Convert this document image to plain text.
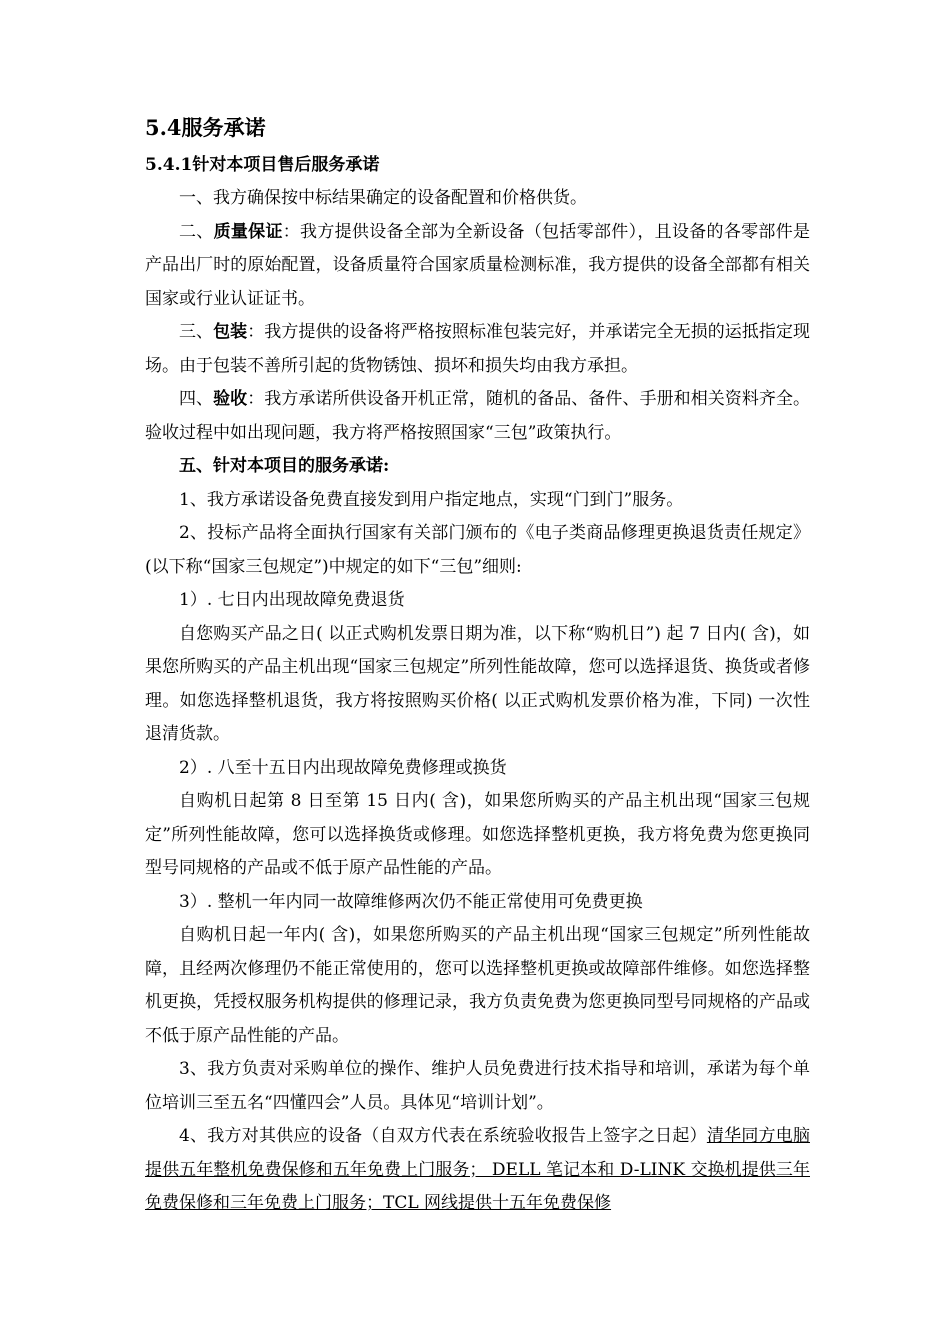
5.4服务承诺
5.4.1针对本项目售后服务承诺

一、我方确保按中标结果确定的设备配置和价格供货。

二、质量保证：我方提供设备全部为全新设备（包括零部件），且设备的各零部件是产品出厂时的原始配置，设备质量符合国家质量检测标准，我方提供的设备全部都有相关国家或行业认证证书。

三、包装：我方提供的设备将严格按照标准包装完好，并承诺完全无损的运抵指定现场。由于包装不善所引起的货物锈蚀、损坏和损失均由我方承担。

四、验收：我方承诺所供设备开机正常，随机的备品、备件、手册和相关资料齐全。验收过程中如出现问题，我方将严格按照国家“三包”政策执行。

五、针对本项目的服务承诺:

1、我方承诺设备免费直接发到用户指定地点，实现“门到门”服务。

2、投标产品将全面执行国家有关部门颁布的《电子类商品修理更换退货责任规定》(以下称“国家三包规定”)中规定的如下“三包”细则:

1）. 七日内出现故障免费退货

自您购买产品之日( 以正式购机发票日期为准，以下称“购机日”) 起 7 日内( 含)，如果您所购买的产品主机出现“国家三包规定”所列性能故障，您可以选择退货、换货或者修理。如您选择整机退货，我方将按照购买价格( 以正式购机发票价格为准，下同) 一次性退清货款。

2）. 八至十五日内出现故障免费修理或换货

自购机日起第 8 日至第 15 日内( 含)，如果您所购买的产品主机出现“国家三包规定”所列性能故障，您可以选择换货或修理。如您选择整机更换，我方将免费为您更换同型号同规格的产品或不低于原产品性能的产品。

3）. 整机一年内同一故障维修两次仍不能正常使用可免费更换

自购机日起一年内( 含)，如果您所购买的产品主机出现“国家三包规定”所列性能故障，且经两次修理仍不能正常使用的，您可以选择整机更换或故障部件维修。如您选择整机更换，凭授权服务机构提供的修理记录，我方负责免费为您更换同型号同规格的产品或不低于原产品性能的产品。

3、我方负责对采购单位的操作、维护人员免费进行技术指导和培训，承诺为每个单位培训三至五名“四懂四会”人员。具体见“培训计划”。

4、我方对其供应的设备（自双方代表在系统验收报告上签字之日起）清华同方电脑提供五年整机免费保修和五年免费上门服务； DELL 笔记本和 D-LINK 交换机提供三年免费保修和三年免费上门服务；TCL 网线提供十五年免费保修
